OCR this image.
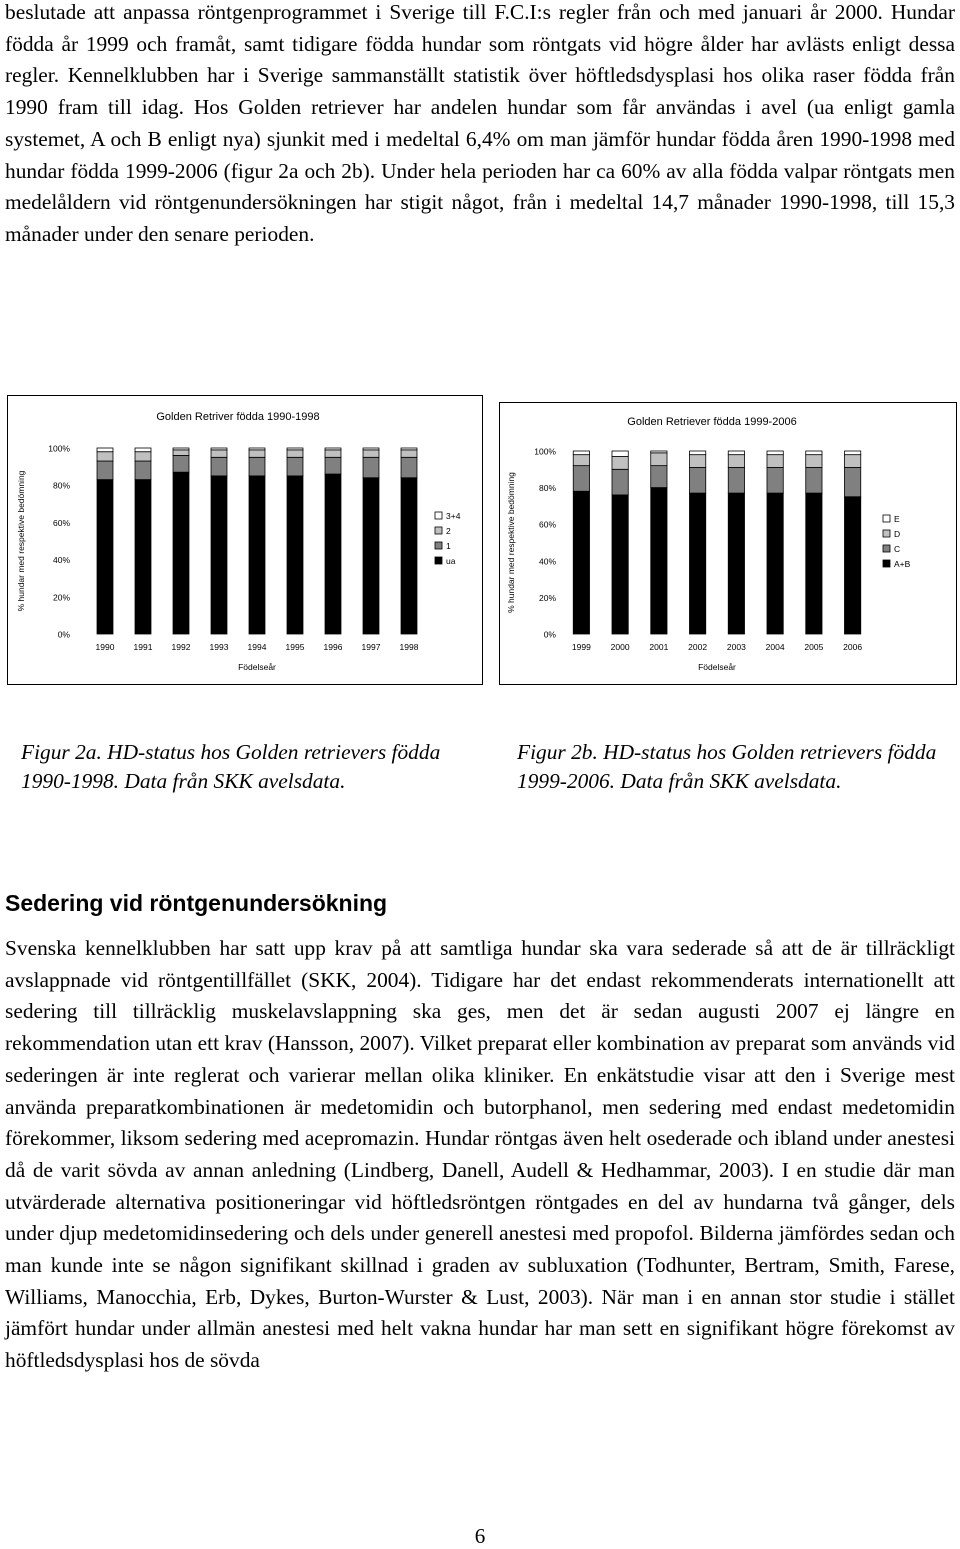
beslutade att anpassa röntgenprogrammet i Sverige till F.C.I:s regler från och med januari år 2000. Hundar födda år 1999 och framåt, samt tidigare födda hundar som röntgats vid högre ålder har avlästs enligt dessa regler. Kennelklubben har i Sverige sammanställt statistik över höftledsdysplasi hos olika raser födda från 1990 fram till idag. Hos Golden retriever har andelen hundar som får användas i avel (ua enligt gamla systemet, A och B enligt nya) sjunkit med i medeltal 6,4% om man jämför hundar födda åren 1990-1998 med hundar födda 1999-2006 (figur 2a och 2b). Under hela perioden har ca 60% av alla födda valpar röntgats men medelåldern vid röntgenundersökningen har stigit något, från i medeltal 14,7 månader 1990-1998, till 15,3 månader under den senare perioden.

Golden Retriver födda 1990-1998
% hundar med respektive bedömning
0%
20%
40%
60%
80%
100%
1990 1991 1992 1993 1994 1995 1996 1997 1998
Födelseår
3+4
2
1
ua
Golden Retriever födda 1999-2006
% hundar med respektive bedömning
0%
20%
40%
60%
80%
100%
1999 2000 2001 2002 2003 2004 2005 2006
Födelseår
E
D
C
A+B

Figur 2a. HD-status hos Golden retrievers födda 1990-1998. Data från SKK avelsdata.

Figur 2b. HD-status hos Golden retrievers födda 1999-2006. Data från SKK avelsdata.

Sedering vid röntgenundersökning

Svenska kennelklubben har satt upp krav på att samtliga hundar ska vara sederade så att de är tillräckligt avslappnade vid röntgentillfället (SKK, 2004). Tidigare har det endast rekommenderats internationellt att sedering till tillräcklig muskelavslappning ska ges, men det är sedan augusti 2007 ej längre en rekommendation utan ett krav (Hansson, 2007). Vilket preparat eller kombination av preparat som används vid sederingen är inte reglerat och varierar mellan olika kliniker. En enkätstudie visar att den i Sverige mest använda preparatkombinationen är medetomidin och butorphanol, men sedering med endast medetomidin förekommer, liksom sedering med acepromazin. Hundar röntgas även helt osederade och ibland under anestesi då de varit sövda av annan anledning (Lindberg, Danell, Audell & Hedhammar, 2003). I en studie där man utvärderade alternativa positioneringar vid höftledsröntgen röntgades en del av hundarna två gånger, dels under djup medetomidinsedering och dels under generell anestesi med propofol. Bilderna jämfördes sedan och man kunde inte se någon signifikant skillnad i graden av subluxation (Todhunter, Bertram, Smith, Farese, Williams, Manocchia, Erb, Dykes, Burton-Wurster & Lust, 2003). När man i en annan stor studie i stället jämfört hundar under allmän anestesi med helt vakna hundar har man sett en signifikant högre förekomst av höftledsdysplasi hos de sövda

6
